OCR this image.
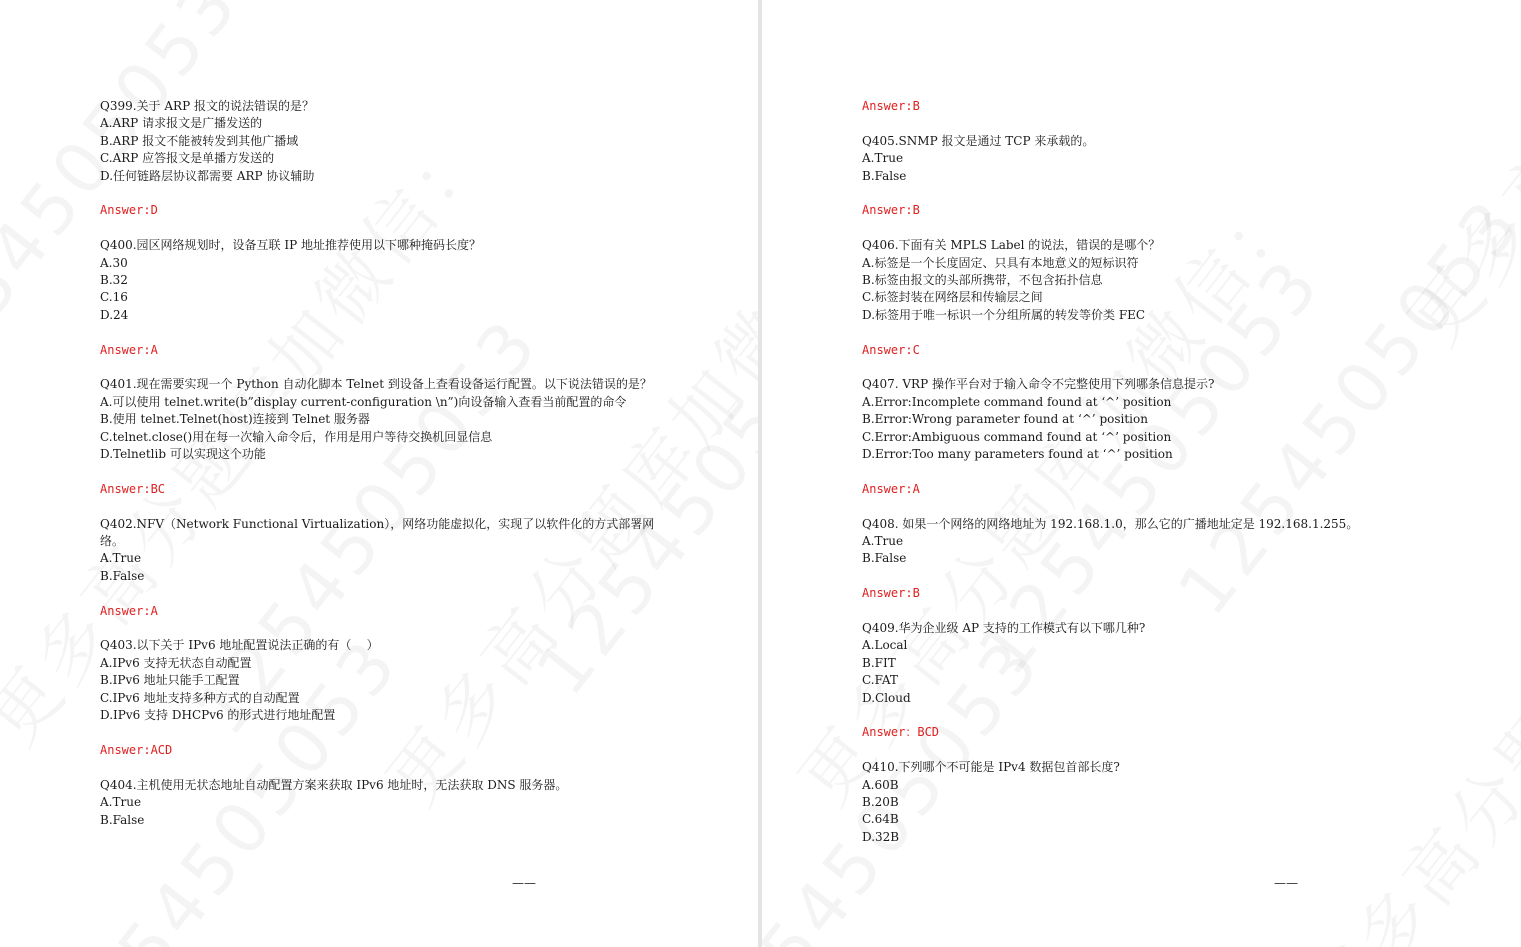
Q399.关于 ARP 报文的说法错误的是？
A.ARP 请求报文是广播发送的
B.ARP 报文不能被转发到其他广播域
C.ARP 应答报文是单播方发送的
D.任何链路层协议都需要 ARP 协议辅助
Answer:D
Q400.园区网络规划时，设备互联 IP 地址推荐使用以下哪种掩码长度？
A.30
B.32
C.16
D.24
Answer:A
Q401.现在需要实现一个 Python 自动化脚本 Telnet 到设备上查看设备运行配置。以下说法错误的是？
A.可以使用 telnet.write(b”display current-configuration \n”)向设备输入查看当前配置的命令
B.使用 telnet.Telnet(host)连接到 Telnet 服务器
C.telnet.close()用在每一次输入命令后，作用是用户等待交换机回显信息
D.Telnetlib 可以实现这个功能
Answer:BC
Q402.NFV（Network Functional Virtualization），网络功能虚拟化，实现了以软件化的方式部署网络。
A.True
B.False
Answer:A
Q403.以下关于 IPv6 地址配置说法正确的有（    ）
A.IPv6 支持无状态自动配置
B.IPv6 地址只能手工配置
C.IPv6 地址支持多种方式的自动配置
D.IPv6 支持 DHCPv6 的形式进行地址配置
Answer:ACD
Q404.主机使用无状态地址自动配置方案来获取 IPv6 地址时，无法获取 DNS 服务器。
A.True
B.False
——
Answer:B
Q405.SNMP 报文是通过 TCP 来承载的。
A.True
B.False
Answer:B
Q406.下面有关 MPLS Label 的说法，错误的是哪个？
A.标签是一个长度固定、只具有本地意义的短标识符
B.标签由报文的头部所携带，不包含拓扑信息
C.标签封装在网络层和传输层之间
D.标签用于唯一标识一个分组所属的转发等价类 FEC
Answer:C
Q407. VRP 操作平台对于输入命令不完整使用下列哪条信息提示?
A.Error:Incomplete command found at ‘^’ position
B.Error:Wrong parameter found at ‘^’ position
C.Error:Ambiguous command found at ‘^’ position
D.Error:Too many parameters found at ‘^’ position
Answer:A
Q408. 如果一个网络的网络地址为 192.168.1.0，那么它的广播地址定是 192.168.1.255。
A.True
B.False
Answer:B
Q409.华为企业级 AP 支持的工作模式有以下哪几种?
A.Local
B.FIT
C.FAT
D.Cloud
Answer：BCD
Q410.下列哪个不可能是 IPv4 数据包首部长度?
A.60B
B.20B
C.64B
D.32B
——
